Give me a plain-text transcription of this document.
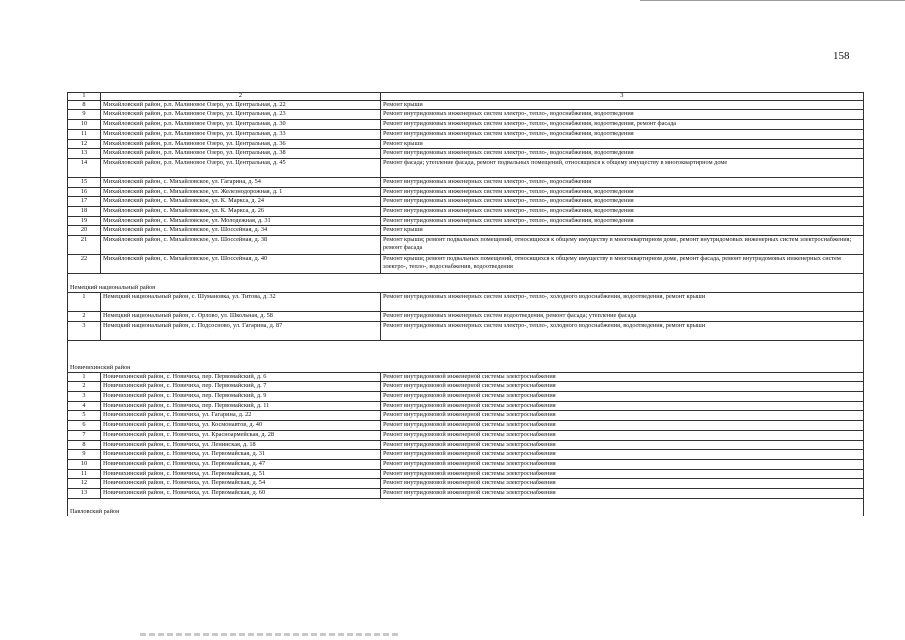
158
1	2	3
8	Михайловский район, р.п. Малиновое Озеро, ул. Центральная, д. 22	Ремонт крыши
9	Михайловский район, р.п. Малиновое Озеро, ул. Центральная, д. 23	Ремонт внутридомовых инженерных систем электро-, тепло-, водоснабжения, водоотведения
10	Михайловский район, р.п. Малиновое Озеро, ул. Центральная, д. 30	Ремонт внутридомовых инженерных систем электро-, тепло-, водоснабжения, водоотведения, ремонт фасада
11	Михайловский район, р.п. Малиновое Озеро, ул. Центральная, д. 33	Ремонт внутридомовых инженерных систем электро-, тепло-, водоснабжения, водоотведения
12	Михайловский район, р.п. Малиновое Озеро, ул. Центральная, д. 36	Ремонт крыши
13	Михайловский район, р.п. Малиновое Озеро, ул. Центральная, д. 38	Ремонт внутридомовых инженерных систем электро-, тепло-, водоснабжения, водоотведения
14	Михайловский район, р.п. Малиновое Озеро, ул. Центральная, д. 45	Ремонт фасада; утепление фасада, ремонт подвальных помещений, относящихся к общему имуществу в многоквартирном доме
15	Михайловский район, с. Михайловское, ул. Гагарина, д. 54	Ремонт внутридомовых инженерных систем электро-, тепло-, водоснабжения
16	Михайловский район, с. Михайловское, ул. Железнодорожная, д. 1	Ремонт внутридомовых инженерных систем электро-, тепло-, водоснабжения, водоотведения
17	Михайловский район, с. Михайловское, ул. К. Маркса, д. 24	Ремонт внутридомовых инженерных систем электро-, тепло-, водоснабжения, водоотведения
18	Михайловский район, с. Михайловское, ул. К. Маркса, д. 26	Ремонт внутридомовых инженерных систем электро-, тепло-, водоснабжения, водоотведения
19	Михайловский район, с. Михайловское, ул. Молодежная, д. 31	Ремонт внутридомовых инженерных систем электро-, тепло-, водоснабжения, водоотведения
20	Михайловский район, с. Михайловское, ул. Шоссейная, д. 34	Ремонт крыши
21	Михайловский район, с. Михайловское, ул. Шоссейная, д. 38	Ремонт крыши; ремонт подвальных помещений, относящихся к общему имуществу в многоквартирном доме, ремонт внутридомовых инженерных систем электроснабжения; ремонт фасада
22	Михайловский район, с. Михайловское, ул. Шоссейная, д. 40	Ремонт крыши; ремонт подвальных помещений, относящихся к общему имуществу в многоквартирном доме, ремонт фасада, ремонт внутридомовых инженерных систем электро-, тепло-, водоснабжения, водоотведения
Немецкий национальный район		
1	Немецкий национальный район, с. Шумановка, ул. Титова, д. 32	Ремонт внутридомовых инженерных систем электро-, тепло-, холодного водоснабжения, водоотведения, ремонт крыши
2	Немецкий национальный район, с. Орлово, ул. Школьная, д. 58	Ремонт внутридомовых инженерных систем водоотведения, ремонт фасада; утепление фасада
3	Немецкий национальный район, с. Подсосново, ул. Гагарина, д. 87	Ремонт внутридомовых инженерных систем электро-, тепло-, холодного водоснабжения, водоотведения, ремонт крыши
Новичихинский район		
1	Новичихинский район, с. Новичиха, пер. Первомайский, д. 6	Ремонт внутридомовой инженерной системы электроснабжения
2	Новичихинский район, с. Новичиха, пер. Первомайский, д. 7	Ремонт внутридомовой инженерной системы электроснабжения
3	Новичихинский район, с. Новичиха, пер. Первомайский, д. 9	Ремонт внутридомовой инженерной системы электроснабжения
4	Новичихинский район, с. Новичиха, пер. Первомайский, д. 11	Ремонт внутридомовой инженерной системы электроснабжения
5	Новичихинский район, с. Новичиха, ул. Гагарина, д. 22	Ремонт внутридомовой инженерной системы электроснабжения
6	Новичихинский район, с. Новичиха, ул. Космонавтов, д. 40	Ремонт внутридомовой инженерной системы электроснабжения
7	Новичихинский район, с. Новичиха, ул. Красноармейская, д. 28	Ремонт внутридомовой инженерной системы электроснабжения
8	Новичихинский район, с. Новичиха, ул. Ленинская, д. 18	Ремонт внутридомовой инженерной системы электроснабжения
9	Новичихинский район, с. Новичиха, ул. Первомайская, д. 31	Ремонт внутридомовой инженерной системы электроснабжения
10	Новичихинский район, с. Новичиха, ул. Первомайская, д. 47	Ремонт внутридомовой инженерной системы электроснабжения
11	Новичихинский район, с. Новичиха, ул. Первомайская, д. 51	Ремонт внутридомовой инженерной системы электроснабжения
12	Новичихинский район, с. Новичиха, ул. Первомайская, д. 54	Ремонт внутридомовой инженерной системы электроснабжения
13	Новичихинский район, с. Новичиха, ул. Первомайская, д. 60	Ремонт внутридомовой инженерной системы электроснабжения
Павловский район		
